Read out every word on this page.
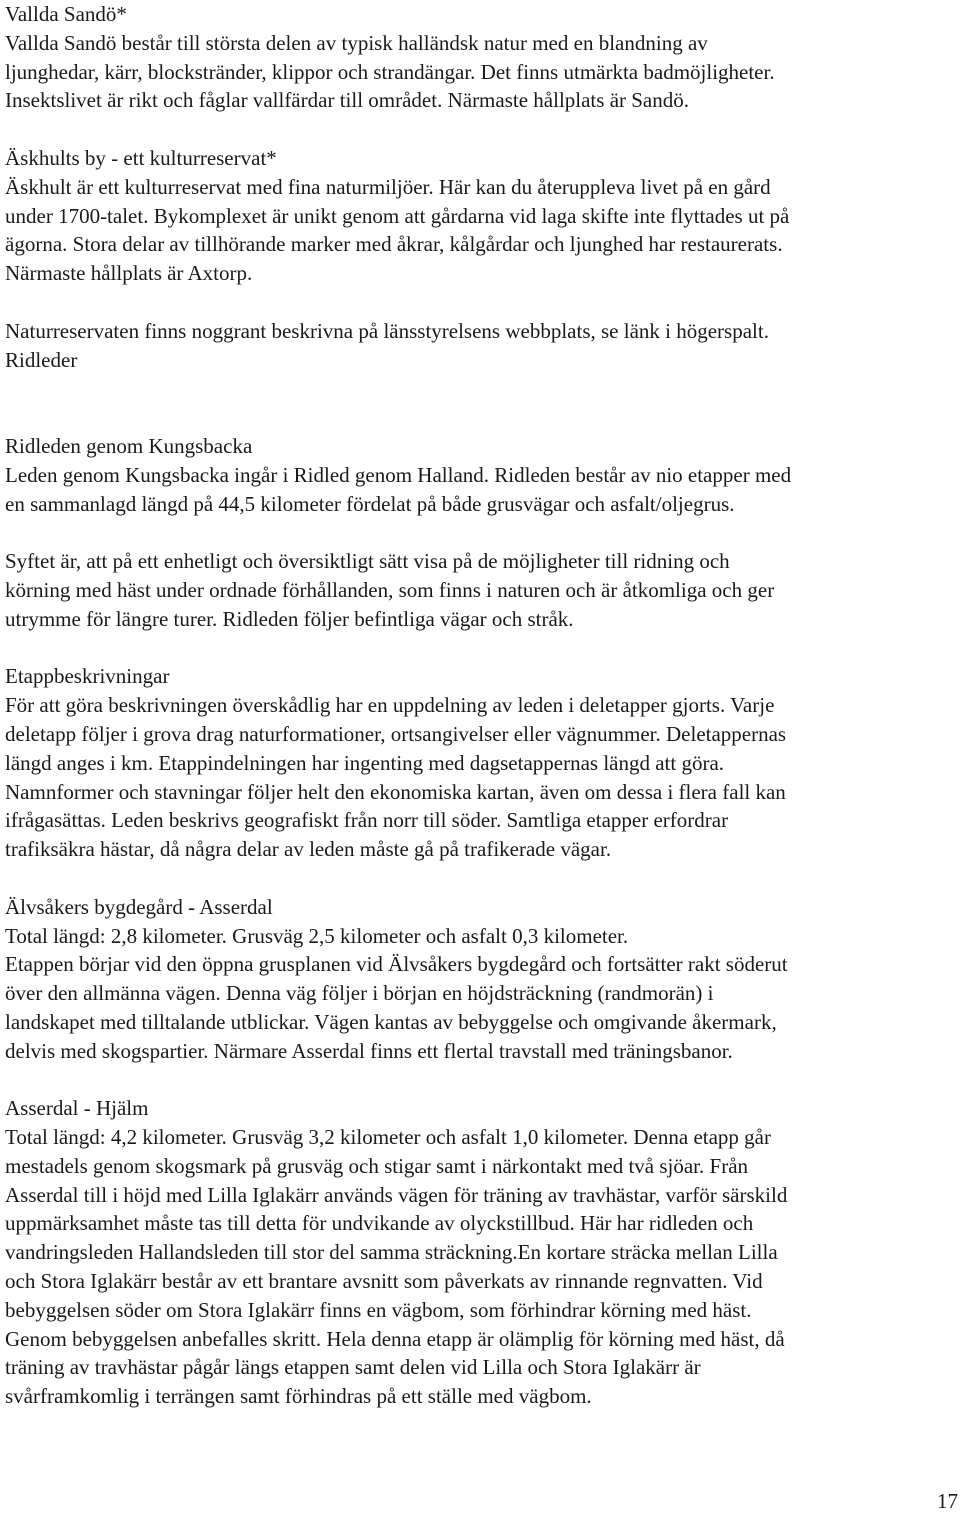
Vallda Sandö*
Vallda Sandö består till största delen av typisk halländsk natur med en blandning av
ljunghedar, kärr, blockstränder, klippor och strandängar. Det finns utmärkta badmöjligheter.
Insektslivet är rikt och fåglar vallfärdar till området. Närmaste hållplats är Sandö.
Äskhults by - ett kulturreservat*
Äskhult är ett kulturreservat med fina naturmiljöer. Här kan du återuppleva livet på en gård
under 1700-talet. Bykomplexet är unikt genom att gårdarna vid laga skifte inte flyttades ut på
ägorna. Stora delar av tillhörande marker med åkrar, kålgårdar och ljunghed har restaurerats.
Närmaste hållplats är Axtorp.
Naturreservaten finns noggrant beskrivna på länsstyrelsens webbplats, se länk i högerspalt.
Ridleder
Ridleden genom Kungsbacka
Leden genom Kungsbacka ingår i Ridled genom Halland. Ridleden består av nio etapper med
en sammanlagd längd på 44,5 kilometer fördelat på både grusvägar och asfalt/oljegrus.
Syftet är, att på ett enhetligt och översiktligt sätt visa på de möjligheter till ridning och
körning med häst under ordnade förhållanden, som finns i naturen och är åtkomliga och ger
utrymme för längre turer. Ridleden följer befintliga vägar och stråk.
Etappbeskrivningar
För att göra beskrivningen överskådlig har en uppdelning av leden i deletapper gjorts. Varje
deletapp följer i grova drag naturformationer, ortsangivelser eller vägnummer. Deletappernas
längd anges i km. Etappindelningen har ingenting med dagsetappernas längd att göra.
Namnformer och stavningar följer helt den ekonomiska kartan, även om dessa i flera fall kan
ifrågasättas. Leden beskrivs geografiskt från norr till söder. Samtliga etapper erfordrar
trafiksäkra hästar, då några delar av leden måste gå på trafikerade vägar.
Älvsåkers bygdegård - Asserdal
Total längd: 2,8 kilometer. Grusväg 2,5 kilometer och asfalt 0,3 kilometer.
Etappen börjar vid den öppna grusplanen vid Älvsåkers bygdegård och fortsätter rakt söderut
över den allmänna vägen. Denna väg följer i början en höjdsträckning (randmorän) i
landskapet med tilltalande utblickar. Vägen kantas av bebyggelse och omgivande åkermark,
delvis med skogspartier. Närmare Asserdal finns ett flertal travstall med träningsbanor.
Asserdal - Hjälm
Total längd: 4,2 kilometer. Grusväg 3,2 kilometer och asfalt 1,0 kilometer. Denna etapp går
mestadels genom skogsmark på grusväg och stigar samt i närkontakt med två sjöar. Från
Asserdal till i höjd med Lilla Iglakärr används vägen för träning av travhästar, varför särskild
uppmärksamhet måste tas till detta för undvikande av olyckstillbud. Här har ridleden och
vandringsleden Hallandsleden till stor del samma sträckning.En kortare sträcka mellan Lilla
och Stora Iglakärr består av ett brantare avsnitt som påverkats av rinnande regnvatten. Vid
bebyggelsen söder om Stora Iglakärr finns en vägbom, som förhindrar körning med häst.
Genom bebyggelsen anbefalles skritt. Hela denna etapp är olämplig för körning med häst, då
träning av travhästar pågår längs etappen samt delen vid Lilla och Stora Iglakärr är
svårframkomlig i terrängen samt förhindras på ett ställe med vägbom.
17
